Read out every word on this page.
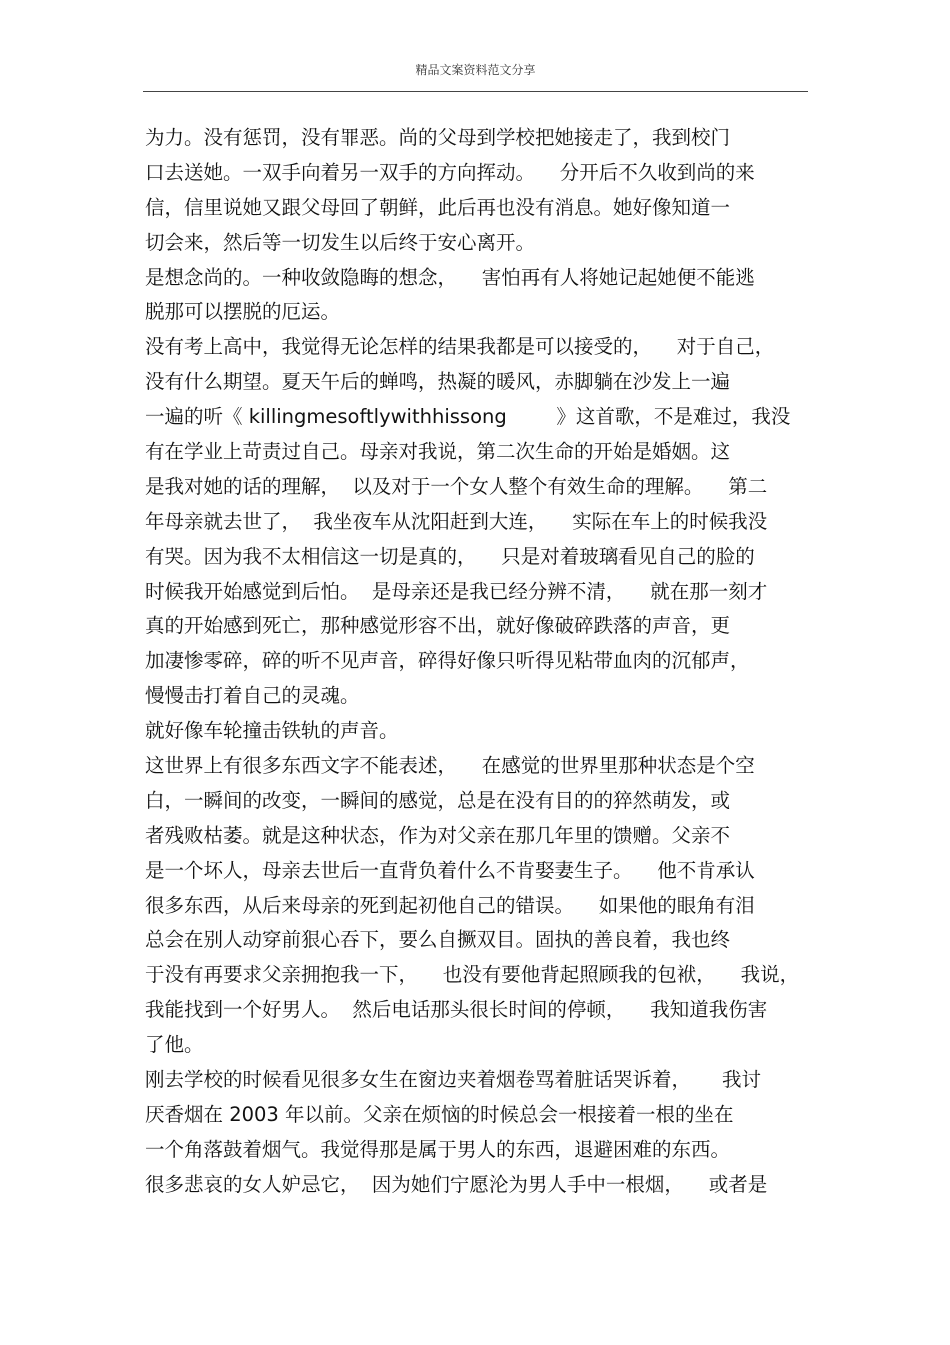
精品文案资料范文分享
为力。没有惩罚，没有罪恶。尚的父母到学校把她接走了，我到校门
口去送她。一双手向着另一双手的方向挥动。    分开后不久收到尚的来
信，信里说她又跟父母回了朝鲜，此后再也没有消息。她好像知道一
切会来，然后等一切发生以后终于安心离开。
是想念尚的。一种收敛隐晦的想念，    害怕再有人将她记起她便不能逃
脱那可以摆脱的厄运。
没有考上高中，我觉得无论怎样的结果我都是可以接受的，    对于自己，
没有什么期望。夏天午后的蝉鸣，热凝的暖风，赤脚躺在沙发上一遍
一遍的听《 killingmesoftlywithhissong        》这首歌，不是难过，我没
有在学业上苛责过自己。母亲对我说，第二次生命的开始是婚姻。这
是我对她的话的理解，  以及对于一个女人整个有效生命的理解。    第二
年母亲就去世了，  我坐夜车从沈阳赶到大连，    实际在车上的时候我没
有哭。因为我不太相信这一切是真的，    只是对着玻璃看见自己的脸的
时候我开始感觉到后怕。  是母亲还是我已经分辨不清，    就在那一刻才
真的开始感到死亡，那种感觉形容不出，就好像破碎跌落的声音，更
加凄惨零碎，碎的听不见声音，碎得好像只听得见粘带血肉的沉郁声，
慢慢击打着自己的灵魂。
就好像车轮撞击铁轨的声音。
这世界上有很多东西文字不能表述，    在感觉的世界里那种状态是个空
白，一瞬间的改变，一瞬间的感觉，总是在没有目的的猝然萌发，或
者残败枯萎。就是这种状态，作为对父亲在那几年里的馈赠。父亲不
是一个坏人，母亲去世后一直背负着什么不肯娶妻生子。    他不肯承认
很多东西，从后来母亲的死到起初他自己的错误。    如果他的眼角有泪
总会在别人动穿前狠心吞下，要么自撅双目。固执的善良着，我也终
于没有再要求父亲拥抱我一下，    也没有要他背起照顾我的包袱，    我说，
我能找到一个好男人。  然后电话那头很长时间的停顿，    我知道我伤害
了他。
刚去学校的时候看见很多女生在窗边夹着烟卷骂着脏话哭诉着，     我讨
厌香烟在 2003 年以前。父亲在烦恼的时候总会一根接着一根的坐在
一个角落鼓着烟气。我觉得那是属于男人的东西，退避困难的东西。
很多悲哀的女人妒忌它，  因为她们宁愿沦为男人手中一根烟，    或者是
